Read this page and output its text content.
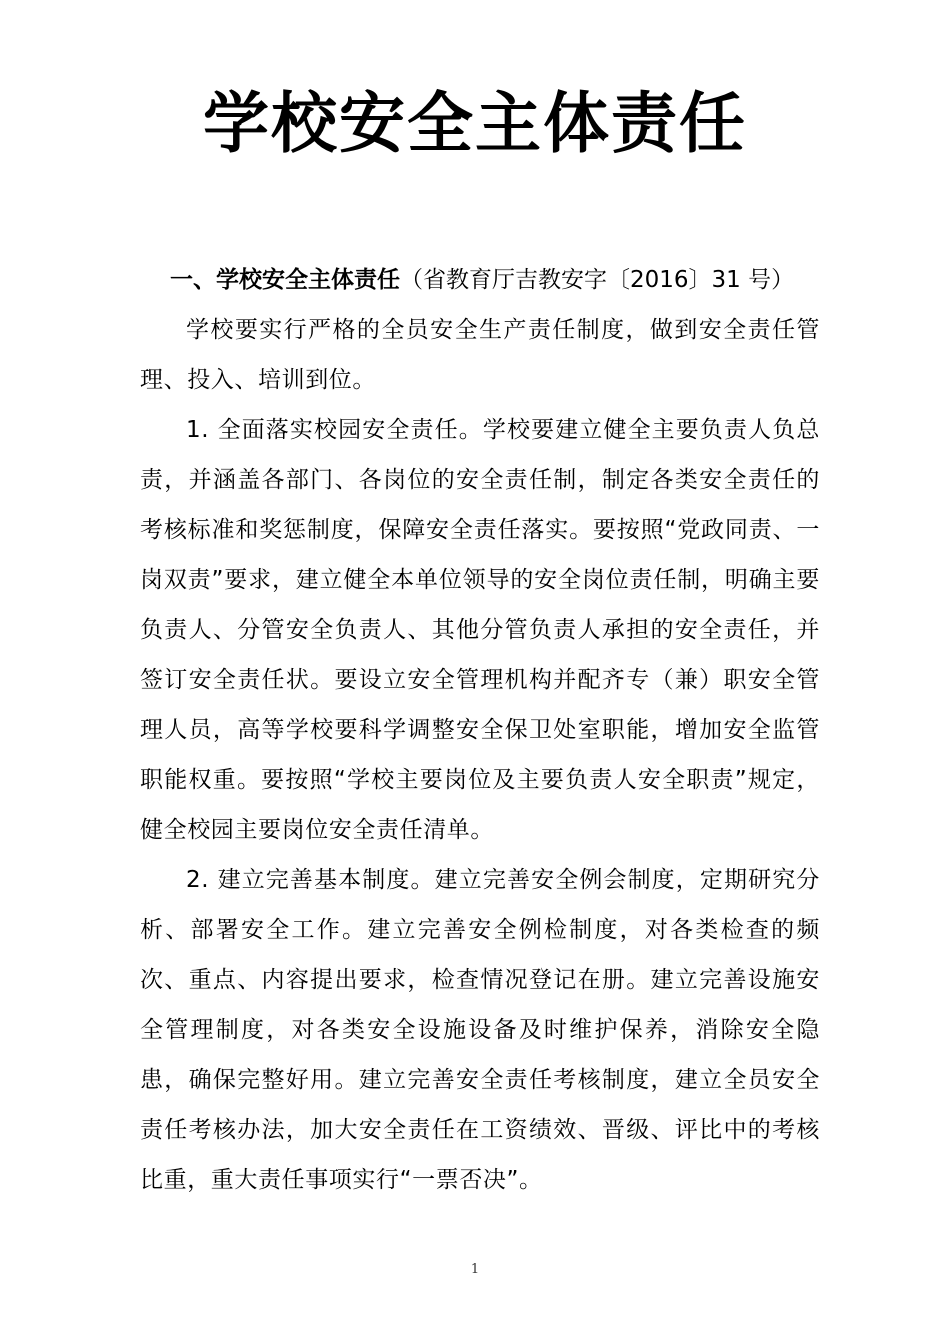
学校安全主体责任

一、学校安全主体责任（省教育厅吉教安字〔2016〕31 号）

学校要实行严格的全员安全生产责任制度，做到安全责任管理、投入、培训到位。

1. 全面落实校园安全责任。学校要建立健全主要负责人负总责，并涵盖各部门、各岗位的安全责任制，制定各类安全责任的考核标准和奖惩制度，保障安全责任落实。要按照“党政同责、一岗双责”要求，建立健全本单位领导的安全岗位责任制，明确主要负责人、分管安全负责人、其他分管负责人承担的安全责任，并签订安全责任状。要设立安全管理机构并配齐专（兼）职安全管理人员，高等学校要科学调整安全保卫处室职能，增加安全监管职能权重。要按照“学校主要岗位及主要负责人安全职责”规定，健全校园主要岗位安全责任清单。

2. 建立完善基本制度。建立完善安全例会制度，定期研究分析、部署安全工作。建立完善安全例检制度，对各类检查的频次、重点、内容提出要求，检查情况登记在册。建立完善设施安全管理制度，对各类安全设施设备及时维护保养，消除安全隐患，确保完整好用。建立完善安全责任考核制度，建立全员安全责任考核办法，加大安全责任在工资绩效、晋级、评比中的考核比重，重大责任事项实行“一票否决”。

1
